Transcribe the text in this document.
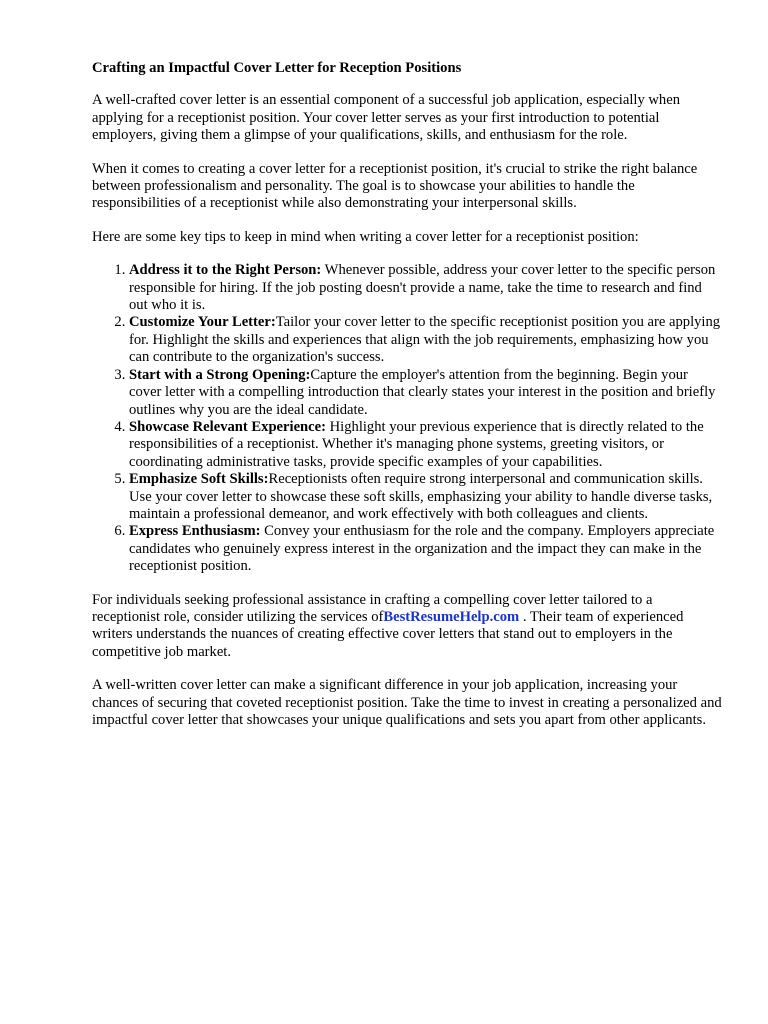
Crafting an Impactful Cover Letter for Reception Positions

A well-crafted cover letter is an essential component of a successful job application, especially when applying for a receptionist position. Your cover letter serves as your first introduction to potential employers, giving them a glimpse of your qualifications, skills, and enthusiasm for the role.

When it comes to creating a cover letter for a receptionist position, it's crucial to strike the right balance between professionalism and personality. The goal is to showcase your abilities to handle the responsibilities of a receptionist while also demonstrating your interpersonal skills.

Here are some key tips to keep in mind when writing a cover letter for a receptionist position:

1. Address it to the Right Person: Whenever possible, address your cover letter to the specific person responsible for hiring. If the job posting doesn't provide a name, take the time to research and find out who it is.
2. Customize Your Letter:Tailor your cover letter to the specific receptionist position you are applying for. Highlight the skills and experiences that align with the job requirements, emphasizing how you can contribute to the organization's success.
3. Start with a Strong Opening:Capture the employer's attention from the beginning. Begin your cover letter with a compelling introduction that clearly states your interest in the position and briefly outlines why you are the ideal candidate.
4. Showcase Relevant Experience: Highlight your previous experience that is directly related to the responsibilities of a receptionist. Whether it's managing phone systems, greeting visitors, or coordinating administrative tasks, provide specific examples of your capabilities.
5. Emphasize Soft Skills:Receptionists often require strong interpersonal and communication skills. Use your cover letter to showcase these soft skills, emphasizing your ability to handle diverse tasks, maintain a professional demeanor, and work effectively with both colleagues and clients.
6. Express Enthusiasm: Convey your enthusiasm for the role and the company. Employers appreciate candidates who genuinely express interest in the organization and the impact they can make in the receptionist position.

For individuals seeking professional assistance in crafting a compelling cover letter tailored to a receptionist role, consider utilizing the services ofBestResumeHelp.com . Their team of experienced writers understands the nuances of creating effective cover letters that stand out to employers in the competitive job market.

A well-written cover letter can make a significant difference in your job application, increasing your chances of securing that coveted receptionist position. Take the time to invest in creating a personalized and impactful cover letter that showcases your unique qualifications and sets you apart from other applicants.
